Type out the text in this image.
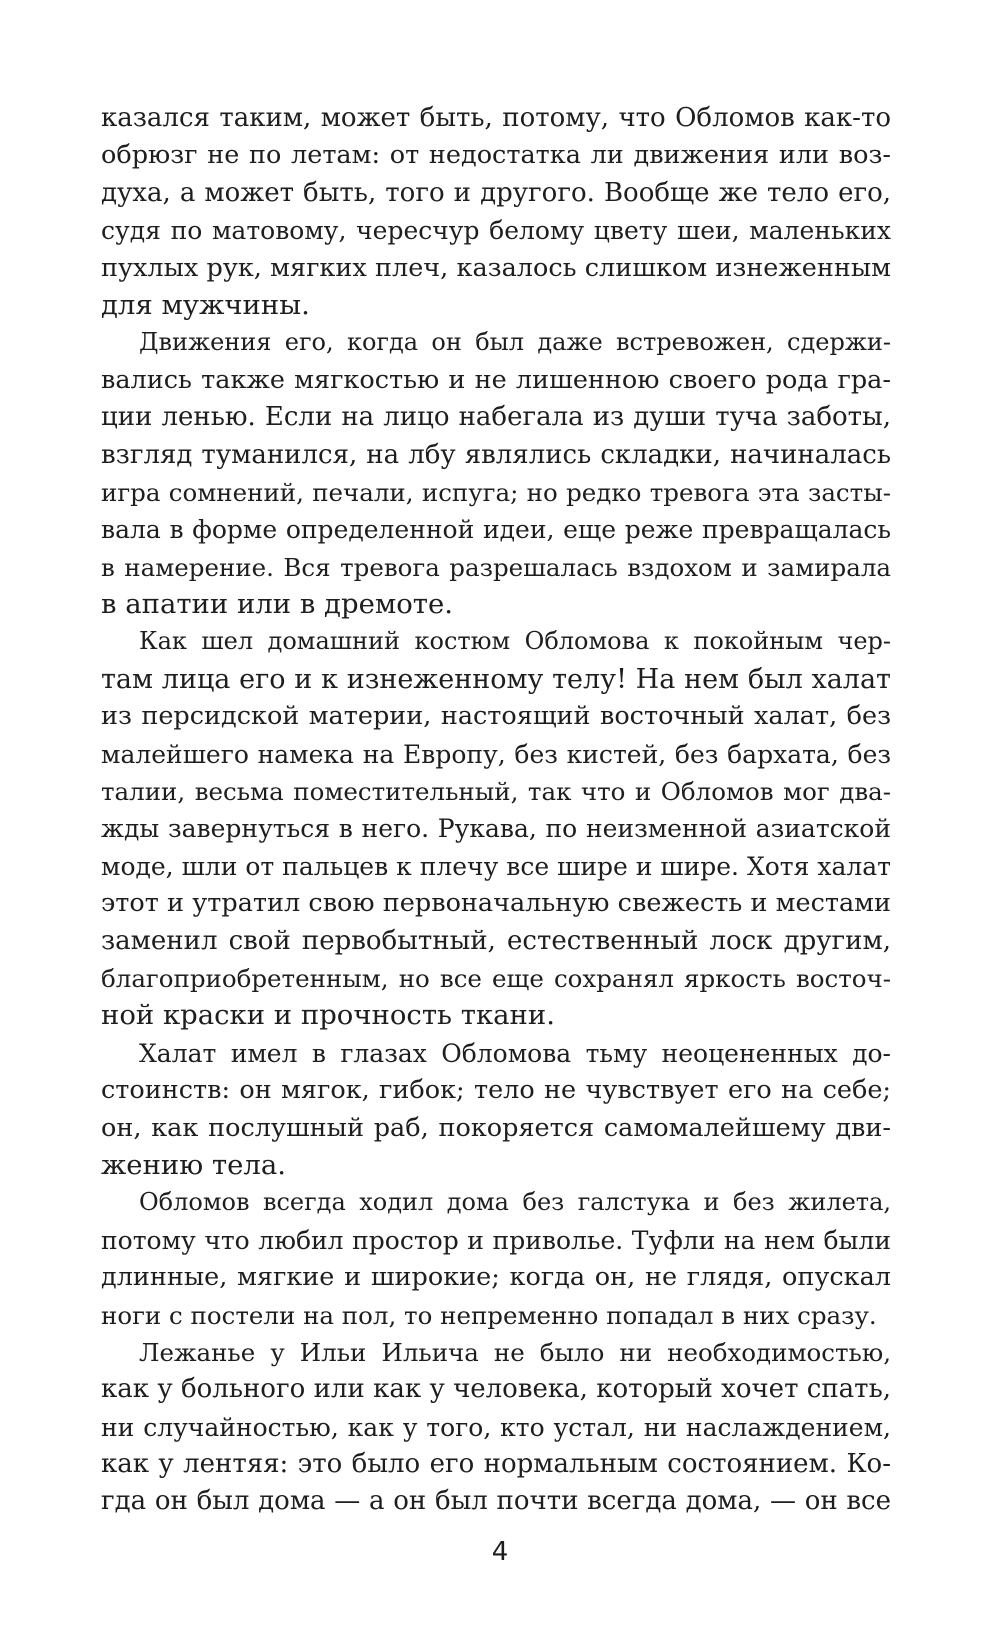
казался таким, может быть, потому, что Обломов как-то
обрюзг не по летам: от недостатка ли движения или воз-
духа, а может быть, того и другого. Вообще же тело его,
судя по матовому, чересчур белому цвету шеи, маленьких
пухлых рук, мягких плеч, казалось слишком изнеженным
для мужчины.
Движения его, когда он был даже встревожен, сдержи-
вались также мягкостью и не лишенною своего рода гра-
ции ленью. Если на лицо набегала из души туча заботы,
взгляд туманился, на лбу являлись складки, начиналась
игра сомнений, печали, испуга; но редко тревога эта засты-
вала в форме определенной идеи, еще реже превращалась
в намерение. Вся тревога разрешалась вздохом и замирала
в апатии или в дремоте.
Как шел домашний костюм Обломова к покойным чер-
там лица его и к изнеженному телу! На нем был халат
из персидской материи, настоящий восточный халат, без
малейшего намека на Европу, без кистей, без бархата, без
талии, весьма поместительный, так что и Обломов мог два-
жды завернуться в него. Рукава, по неизменной азиатской
моде, шли от пальцев к плечу все шире и шире. Хотя халат
этот и утратил свою первоначальную свежесть и местами
заменил свой первобытный, естественный лоск другим,
благоприобретенным, но все еще сохранял яркость восточ-
ной краски и прочность ткани.
Халат имел в глазах Обломова тьму неоцененных до-
стоинств: он мягок, гибок; тело не чувствует его на себе;
он, как послушный раб, покоряется самомалейшему дви-
жению тела.
Обломов всегда ходил дома без галстука и без жилета,
потому что любил простор и приволье. Туфли на нем были
длинные, мягкие и широкие; когда он, не глядя, опускал
ноги с постели на пол, то непременно попадал в них сразу.
Лежанье у Ильи Ильича не было ни необходимостью,
как у больного или как у человека, который хочет спать,
ни случайностью, как у того, кто устал, ни наслаждением,
как у лентяя: это было его нормальным состоянием. Ко-
гда он был дома — а он был почти всегда дома, — он все
4
